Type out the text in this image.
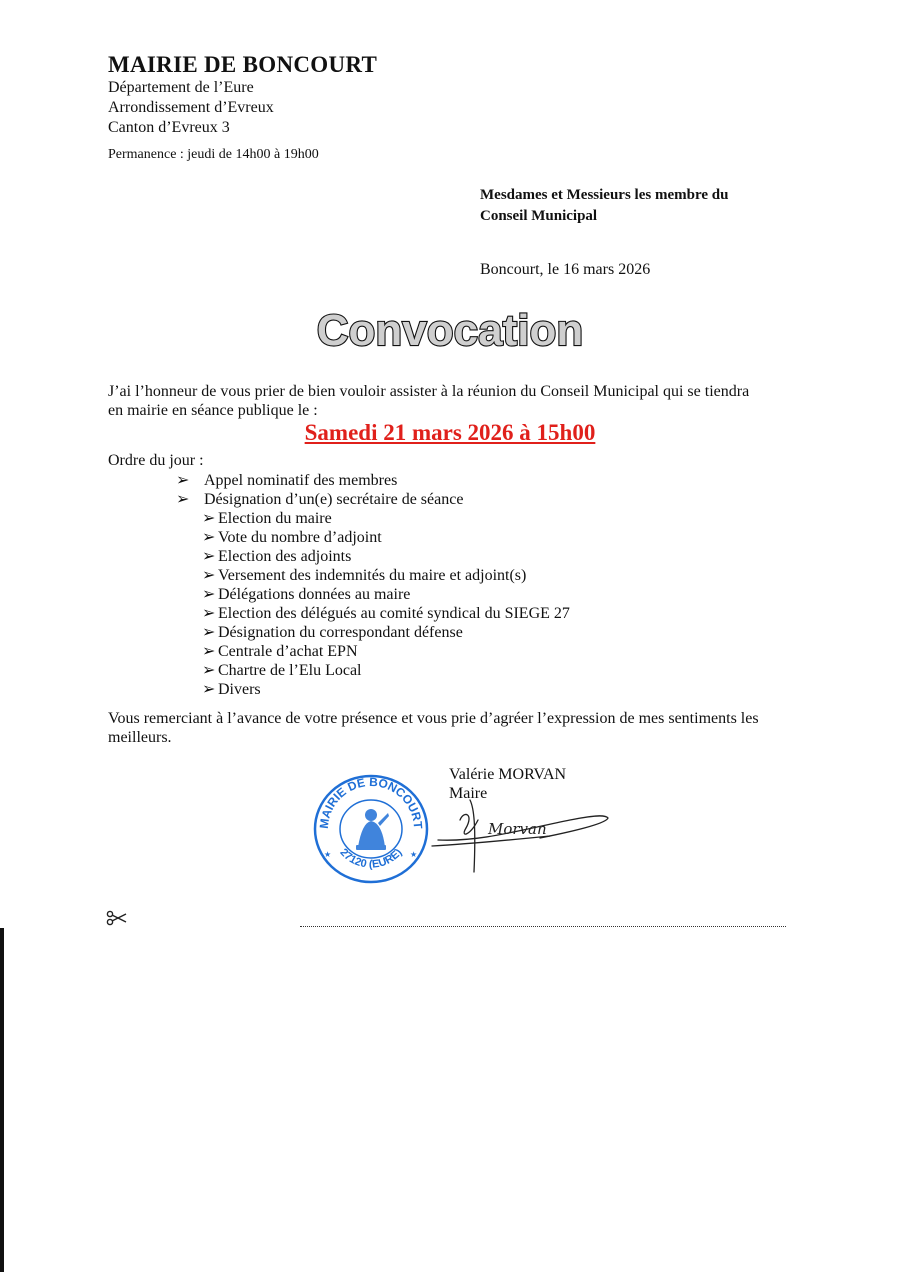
MAIRIE DE BONCOURT
Département de l’Eure
Arrondissement d’Evreux
Canton d’Evreux 3
Permanence : jeudi de 14h00 à 19h00
Mesdames et Messieurs les membre du
Conseil Municipal
Boncourt, le 16 mars 2026
Convocation
J’ai l’honneur de vous prier de bien vouloir assister à la réunion du Conseil Municipal qui se tiendra
en mairie en séance publique le :
Samedi 21 mars 2026 à 15h00
Ordre du jour :
➢ Appel nominatif des membres
➢ Désignation d’un(e) secrétaire de séance
➢ Election du maire
➢ Vote du nombre d’adjoint
➢ Election des adjoints
➢ Versement des indemnités du maire et adjoint(s)
➢ Délégations données au maire
➢ Election des délégués au comité syndical du SIEGE 27
➢ Désignation du correspondant défense
➢ Centrale d’achat EPN
➢ Chartre de l’Elu Local
➢ Divers
Vous remerciant à l’avance de votre présence et vous prie d’agréer l’expression de mes sentiments les
meilleurs.
Valérie MORVAN
Maire
MAIRIE DE BONCOURT
27120 (EURE)
★	★
Morvan
